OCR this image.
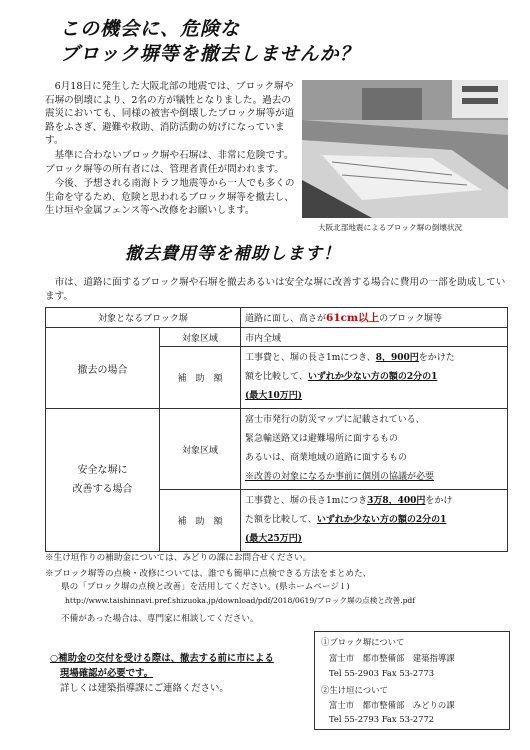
この機会に、危険な
ブロック塀等を撤去しませんか？

6月18日に発生した大阪北部の地震では、ブロック塀や石塀の倒壊により、2名の方が犠牲となりました。過去の震災においても、同様の被害や倒壊したブロック塀等が道路をふさぎ、避難や救助、消防活動の妨げになっています。

基準に合わないブロック塀や石塀は、非常に危険です。ブロック塀等の所有者には、管理者責任が問われます。

今後、予想される南海トラフ地震等から一人でも多くの生命を守るため、危険と思われるブロック塀等を撤去し、生け垣や金属フェンス等へ改修をお願いします。

大阪北部地震によるブロック塀の倒壊状況
撤去費用等を補助します！

市は、道路に面するブロック塀や石塀を撤去あるいは安全な塀に改善する場合に費用の一部を助成しています。

対象となるブロック塀		道路に面し、高さが61cm以上のブロック塀等
撤去の場合	対象区域	市内全域
	補　助　額	工事費と、塀の長さ1mにつき、8，900円をかけた
額を比較して、いずれか少ない方の額の2分の1
(最大10万円)

安全な塀に
改善する場合	対象区域	富士市発行の防災マップに記載されている、
緊急輸送路又は避難場所に面するもの
あるいは、商業地域の道路に面するもの
※改善の対象になるか事前に個別の協議が必要

	補　助　額	工事費と、塀の長さ1mにつき3万8，400円をかけ
た額を比較して、いずれか少ない方の額の2分の1
(最大25万円)
※生け垣作りの補助金については、みどりの課にお問合せください。
※ブロック塀等の点検・改修については、誰でも簡単に点検できる方法をまとめた、
県の「ブロック塀の点検と改善」を活用してください。(県ホームページ↓)
http://www.taishinnavi.pref.shizuoka.jp/download/pdf/2018/0619/ブロック塀の点検と改善.pdf
不備があった場合は、専門家に相談してください。
○補助金の交付を受ける際は、撤去する前に市による
現場確認が必要です。
詳しくは建築指導課にご連絡ください。
①ブロック塀について
富士市　都市整備部　建築指導課
Tel 55-2903 Fax 53-2773
②生け垣について
富士市　都市整備部　みどりの課
Tel 55-2793 Fax 53-2772
